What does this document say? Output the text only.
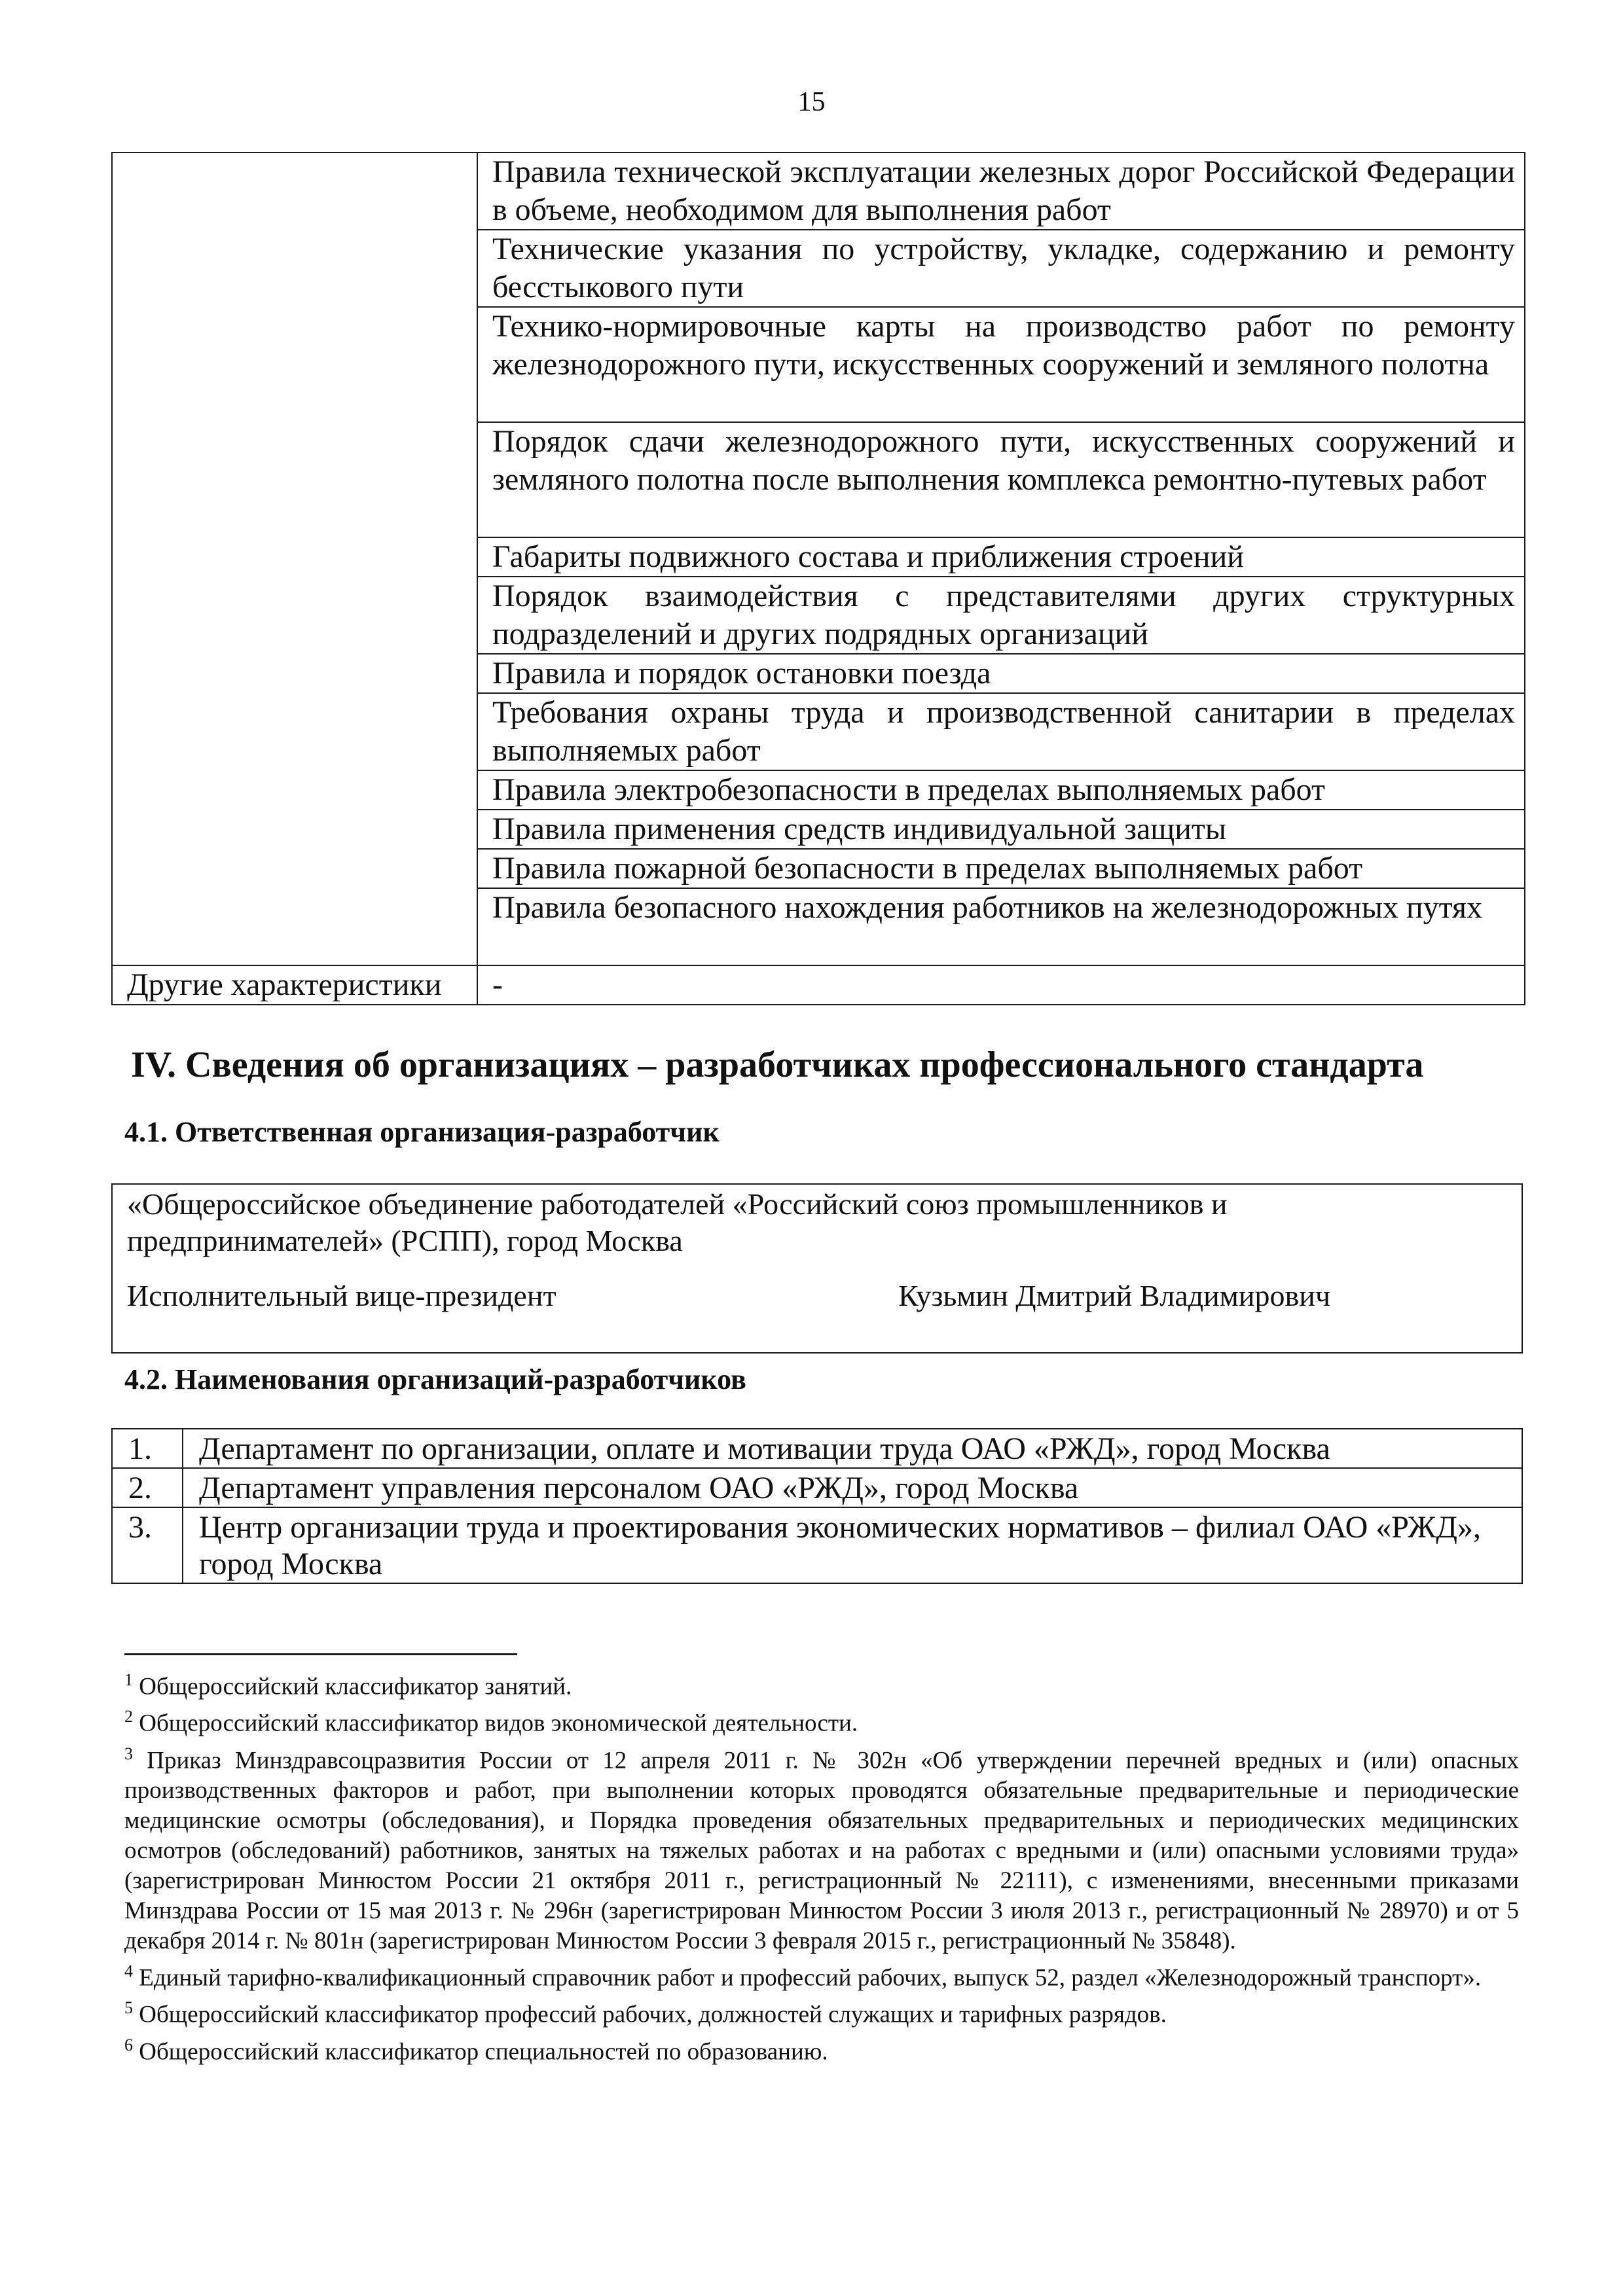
15
	Правила технической эксплуатации железных дорог Российской Федерации в объеме, необходимом для выполнения работ
	Технические указания по устройству, укладке, содержанию и ремонту бесстыкового пути
	Технико-нормировочные карты на производство работ по ремонту железнодорожного пути, искусственных сооружений и земляного полотна
	Порядок сдачи железнодорожного пути, искусственных сооружений и земляного полотна после выполнения комплекса ремонтно-путевых работ
	Габариты подвижного состава и приближения строений
	Порядок взаимодействия с представителями других структурных подразделений и других подрядных организаций
	Правила и порядок остановки поезда
	Требования охраны труда и производственной санитарии в пределах выполняемых работ
	Правила электробезопасности в пределах выполняемых работ
	Правила применения средств индивидуальной защиты
	Правила пожарной безопасности в пределах выполняемых работ
	Правила безопасного нахождения работников на железнодорожных путях
Другие характеристики	-
IV. Сведения об организациях – разработчиках профессионального стандарта
4.1. Ответственная организация-разработчик
«Общероссийское объединение работодателей «Российский союз промышленников и предпринимателей» (РСПП), город Москва
Исполнительный вице-президент	Кузьмин Дмитрий Владимирович
4.2. Наименования организаций-разработчиков
1.	Департамент по организации, оплате и мотивации труда ОАО «РЖД», город Москва
2.	Департамент управления персоналом ОАО «РЖД», город Москва
3.	Центр организации труда и проектирования экономических нормативов – филиал ОАО «РЖД», город Москва
$^1$ Общероссийский классификатор занятий.
$^2$ Общероссийский классификатор видов экономической деятельности.
$^3$ Приказ Минздравсоцразвития России от 12 апреля 2011 г. № 302н «Об утверждении перечней вредных и (или) опасных производственных факторов и работ, при выполнении которых проводятся обязательные предварительные и периодические медицинские осмотры (обследования), и Порядка проведения обязательных предварительных и периодических медицинских осмотров (обследований) работников, занятых на тяжелых работах и на работах с вредными и (или) опасными условиями труда» (зарегистрирован Минюстом России 21 октября 2011 г., регистрационный № 22111), с изменениями, внесенными приказами Минздрава России от 15 мая 2013 г. № 296н (зарегистрирован Минюстом России 3 июля 2013 г., регистрационный № 28970) и от 5 декабря 2014 г. № 801н (зарегистрирован Минюстом России 3 февраля 2015 г., регистрационный № 35848).
$^4$ Единый тарифно-квалификационный справочник работ и профессий рабочих, выпуск 52, раздел «Железнодорожный транспорт».
$^5$ Общероссийский классификатор профессий рабочих, должностей служащих и тарифных разрядов.
$^6$ Общероссийский классификатор специальностей по образованию.
